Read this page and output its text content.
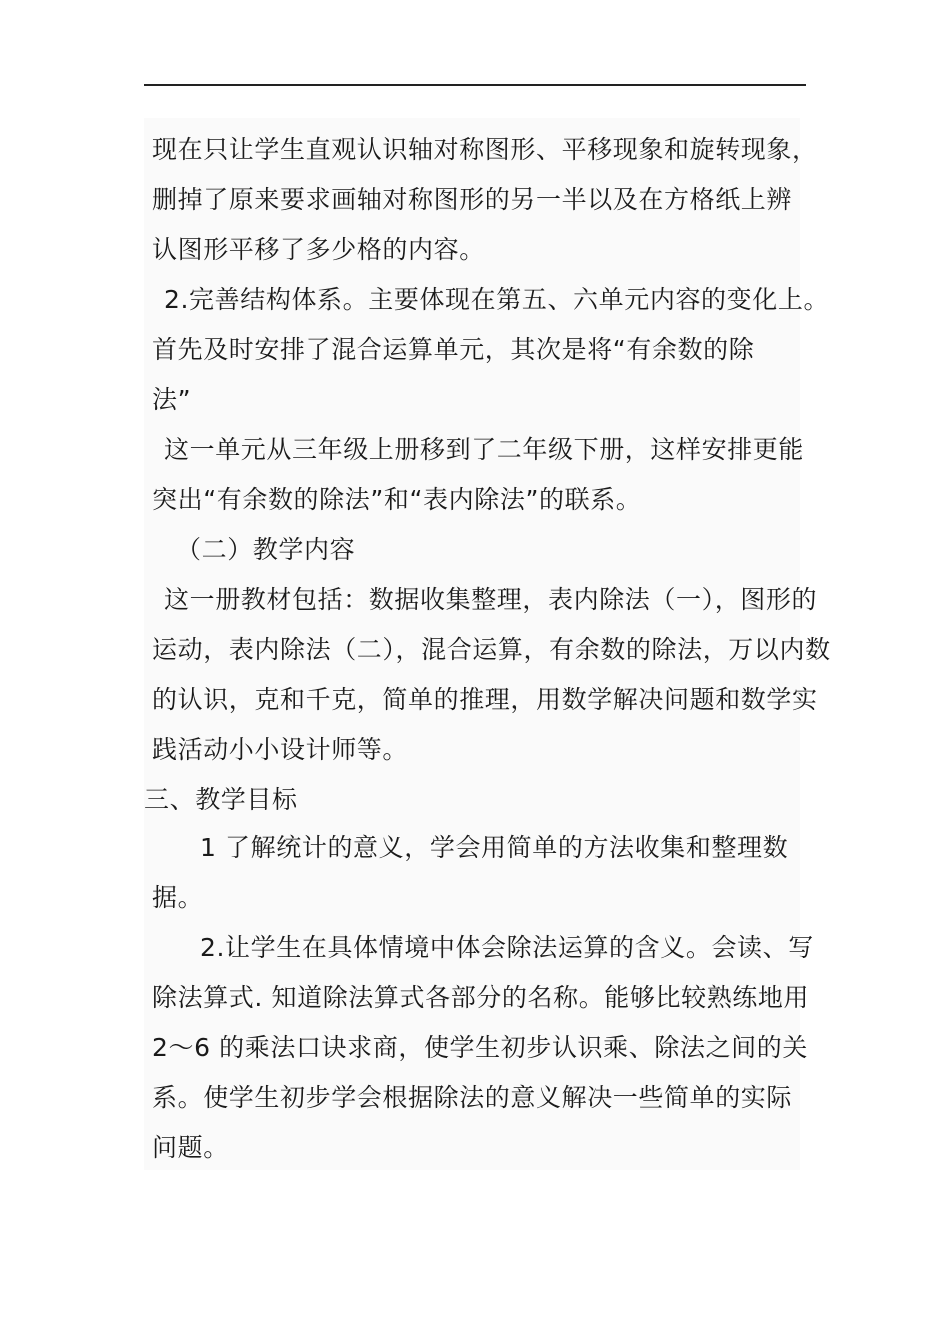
现在只让学生直观认识轴对称图形、平移现象和旋转现象，
删掉了原来要求画轴对称图形的另一半以及在方格纸上辨
认图形平移了多少格的内容。
2.完善结构体系。主要体现在第五、六单元内容的变化上。
首先及时安排了混合运算单元，其次是将“有余数的除
法”
这一单元从三年级上册移到了二年级下册，这样安排更能
突出“有余数的除法”和“表内除法”的联系。
（二）教学内容
这一册教材包括：数据收集整理，表内除法（一），图形的
运动，表内除法（二），混合运算，有余数的除法，万以内数
的认识，克和千克，简单的推理，用数学解决问题和数学实
践活动小小设计师等。
三、教学目标
1 了解统计的意义，学会用简单的方法收集和整理数
据。
2.让学生在具体情境中体会除法运算的含义。会读、写
除法算式. 知道除法算式各部分的名称。能够比较熟练地用
2～6 的乘法口诀求商，使学生初步认识乘、除法之间的关
系。使学生初步学会根据除法的意义解决一些简单的实际
问题。
